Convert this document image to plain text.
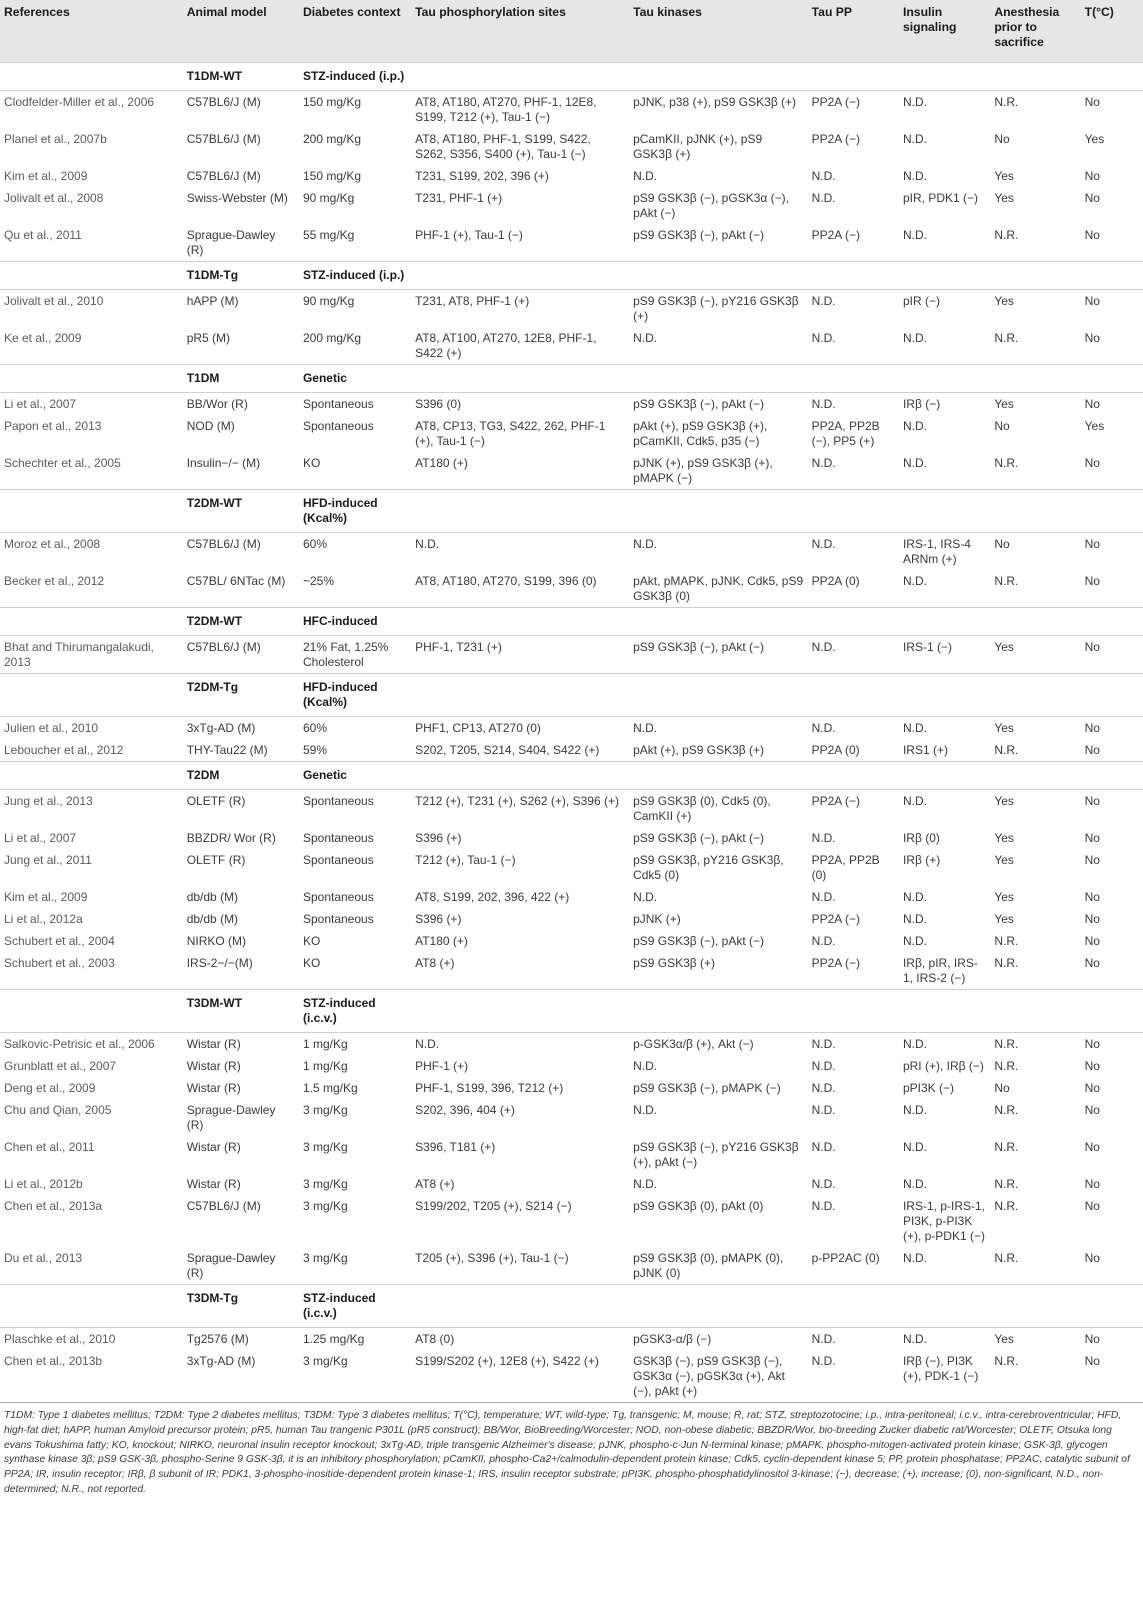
References	Animal model	Diabetes context	Tau phosphorylation sites	Tau kinases	Tau PP	Insulin signaling	Anesthesia prior to sacrifice	T(°C)
	T1DM-WT	STZ-induced (i.p.)						
Clodfelder-Miller et al., 2006	C57BL6/J (M)	150 mg/Kg	AT8, AT180, AT270, PHF-1, 12E8, S199, T212 (+), Tau-1 (−)	pJNK, p38 (+), pS9 GSK3β (+)	PP2A (−)	N.D.	N.R.	No
Planel et al., 2007b	C57BL6/J (M)	200 mg/Kg	AT8, AT180, PHF-1, S199, S422, S262, S356, S400 (+), Tau-1 (−)	pCamKII, pJNK (+), pS9 GSK3β (+)	PP2A (−)	N.D.	No	Yes
Kim et al., 2009	C57BL6/J (M)	150 mg/Kg	T231, S199, 202, 396 (+)	N.D.	N.D.	N.D.	Yes	No
Jolivalt et al., 2008	Swiss-Webster (M)	90 mg/Kg	T231, PHF-1 (+)	pS9 GSK3β (−), pGSK3α (−), pAkt (−)	N.D.	pIR, PDK1 (−)	Yes	No
Qu et al., 2011	Sprague-Dawley (R)	55 mg/Kg	PHF-1 (+), Tau-1 (−)	pS9 GSK3β (−), pAkt (−)	PP2A (−)	N.D.	N.R.	No
	T1DM-Tg	STZ-induced (i.p.)						
Jolivalt et al., 2010	hAPP (M)	90 mg/Kg	T231, AT8, PHF-1 (+)	pS9 GSK3β (−), pY216 GSK3β (+)	N.D.	pIR (−)	Yes	No
Ke et al., 2009	pR5 (M)	200 mg/Kg	AT8, AT100, AT270, 12E8, PHF-1, S422 (+)	N.D.	N.D.	N.D.	N.R.	No
	T1DM	Genetic						
Li et al., 2007	BB/Wor (R)	Spontaneous	S396 (0)	pS9 GSK3β (−), pAkt (−)	N.D.	IRβ (−)	Yes	No
Papon et al., 2013	NOD (M)	Spontaneous	AT8, CP13, TG3, S422, 262, PHF-1 (+), Tau-1 (−)	pAkt (+), pS9 GSK3β (+), pCamKII, Cdk5, p35 (−)	PP2A, PP2B (−), PP5 (+)	N.D.	No	Yes
Schechter et al., 2005	Insulin−/− (M)	KO	AT180 (+)	pJNK (+), pS9 GSK3β (+), pMAPK (−)	N.D.	N.D.	N.R.	No
	T2DM-WT	HFD-induced (Kcal%)						
Moroz et al., 2008	C57BL6/J (M)	60%	N.D.	N.D.	N.D.	IRS-1, IRS-4 ARNm (+)	No	No
Becker et al., 2012	C57BL/ 6NTac (M)	~25%	AT8, AT180, AT270, S199, 396 (0)	pAkt, pMAPK, pJNK, Cdk5, pS9 GSK3β (0)	PP2A (0)	N.D.	N.R.	No
	T2DM-WT	HFC-induced						
Bhat and Thirumangalakudi, 2013	C57BL6/J (M)	21% Fat, 1.25% Cholesterol	PHF-1, T231 (+)	pS9 GSK3β (−), pAkt (−)	N.D.	IRS-1 (−)	Yes	No
	T2DM-Tg	HFD-induced (Kcal%)						
Julien et al., 2010	3xTg-AD (M)	60%	PHF1, CP13, AT270 (0)	N.D.	N.D.	N.D.	Yes	No
Leboucher et al., 2012	THY-Tau22 (M)	59%	S202, T205, S214, S404, S422 (+)	pAkt (+), pS9 GSK3β (+)	PP2A (0)	IRS1 (+)	N.R.	No
	T2DM	Genetic						
Jung et al., 2013	OLETF (R)	Spontaneous	T212 (+), T231 (+), S262 (+), S396 (+)	pS9 GSK3β (0), Cdk5 (0), CamKII (+)	PP2A (−)	N.D.	Yes	No
Li et al., 2007	BBZDR/ Wor (R)	Spontaneous	S396 (+)	pS9 GSK3β (−), pAkt (−)	N.D.	IRβ (0)	Yes	No
Jung et al., 2011	OLETF (R)	Spontaneous	T212 (+), Tau-1 (−)	pS9 GSK3β, pY216 GSK3β, Cdk5 (0)	PP2A, PP2B (0)	IRβ (+)	Yes	No
Kim et al., 2009	db/db (M)	Spontaneous	AT8, S199, 202, 396, 422 (+)	N.D.	N.D.	N.D.	Yes	No
Li et al., 2012a	db/db (M)	Spontaneous	S396 (+)	pJNK (+)	PP2A (−)	N.D.	Yes	No
Schubert et al., 2004	NIRKO (M)	KO	AT180 (+)	pS9 GSK3β (−), pAkt (−)	N.D.	N.D.	N.R.	No
Schubert et al., 2003	IRS-2−/−(M)	KO	AT8 (+)	pS9 GSK3β (+)	PP2A (−)	IRβ, pIR, IRS-1, IRS-2 (−)	N.R.	No
	T3DM-WT	STZ-induced (i.c.v.)						
Salkovic-Petrisic et al., 2006	Wistar (R)	1 mg/Kg	N.D.	p-GSK3α/β (+), Akt (−)	N.D.	N.D.	N.R.	No
Grunblatt et al., 2007	Wistar (R)	1 mg/Kg	PHF-1 (+)	N.D.	N.D.	pRI (+), IRβ (−)	N.R.	No
Deng et al., 2009	Wistar (R)	1.5 mg/Kg	PHF-1, S199, 396, T212 (+)	pS9 GSK3β (−), pMAPK (−)	N.D.	pPI3K (−)	No	No
Chu and Qian, 2005	Sprague-Dawley (R)	3 mg/Kg	S202, 396, 404 (+)	N.D.	N.D.	N.D.	N.R.	No
Chen et al., 2011	Wistar (R)	3 mg/Kg	S396, T181 (+)	pS9 GSK3β (−), pY216 GSK3β (+), pAkt (−)	N.D.	N.D.	N.R.	No
Li et al., 2012b	Wistar (R)	3 mg/Kg	AT8 (+)	N.D.	N.D.	N.D.	N.R.	No
Chen et al., 2013a	C57BL6/J (M)	3 mg/Kg	S199/202, T205 (+), S214 (−)	pS9 GSK3β (0), pAkt (0)	N.D.	IRS-1, p-IRS-1, PI3K, p-PI3K (+), p-PDK1 (−)	N.R.	No
Du et al., 2013	Sprague-Dawley (R)	3 mg/Kg	T205 (+), S396 (+), Tau-1 (−)	pS9 GSK3β (0), pMAPK (0), pJNK (0)	p-PP2AC (0)	N.D.	N.R.	No
	T3DM-Tg	STZ-induced (i.c.v.)						
Plaschke et al., 2010	Tg2576 (M)	1.25 mg/Kg	AT8 (0)	pGSK3-α/β (−)	N.D.	N.D.	Yes	No
Chen et al., 2013b	3xTg-AD (M)	3 mg/Kg	S199/S202 (+), 12E8 (+), S422 (+)	GSK3β (−), pS9 GSK3β (−), GSK3α (−), pGSK3α (+), Akt (−), pAkt (+)	N.D.	IRβ (−), PI3K (+), PDK-1 (−)	N.R.	No
T1DM: Type 1 diabetes mellitus; T2DM: Type 2 diabetes mellitus; T3DM: Type 3 diabetes mellitus; T(°C), temperature; WT, wild-type; Tg, transgenic; M, mouse; R, rat; STZ, streptozotocine; i.p., intra-peritoneal; i.c.v., intra-cerebroventricular; HFD, high-fat diet; hAPP, human Amyloid precursor protein; pR5, human Tau trangenic P301L (pR5 construct); BB/Wor, BioBreeding/Worcester; NOD, non-obese diabetic; BBZDR/Wor, bio-breeding Zucker diabetic rat/Worcester; OLETF, Otsuka long evans Tokushima fatty; KO, knockout; NIRKO, neuronal insulin receptor knockout; 3xTg-AD, triple transgenic Alzheimer's disease; pJNK, phospho-c-Jun N-terminal kinase; pMAPK, phospho-mitogen-activated protein kinase; GSK-3β, glycogen synthase kinase 3β; pS9 GSK-3β, phospho-Serine 9 GSK-3β, it is an inhibitory phosphorylation; pCamKII, phospho-Ca2+/calmodulin-dependent protein kinase; Cdk5, cyclin-dependent kinase 5; PP, protein phosphatase; PP2AC, catalytic subunit of PP2A; IR, insulin receptor; IRβ, β subunit of IR; PDK1, 3-phospho-inositide-dependent protein kinase-1; IRS, insulin receptor substrate; pPI3K, phospho-phosphatidylinositol 3-kinase; (−), decrease; (+), increase; (0), non-significant, N.D., non-determined; N.R., not reported.								
